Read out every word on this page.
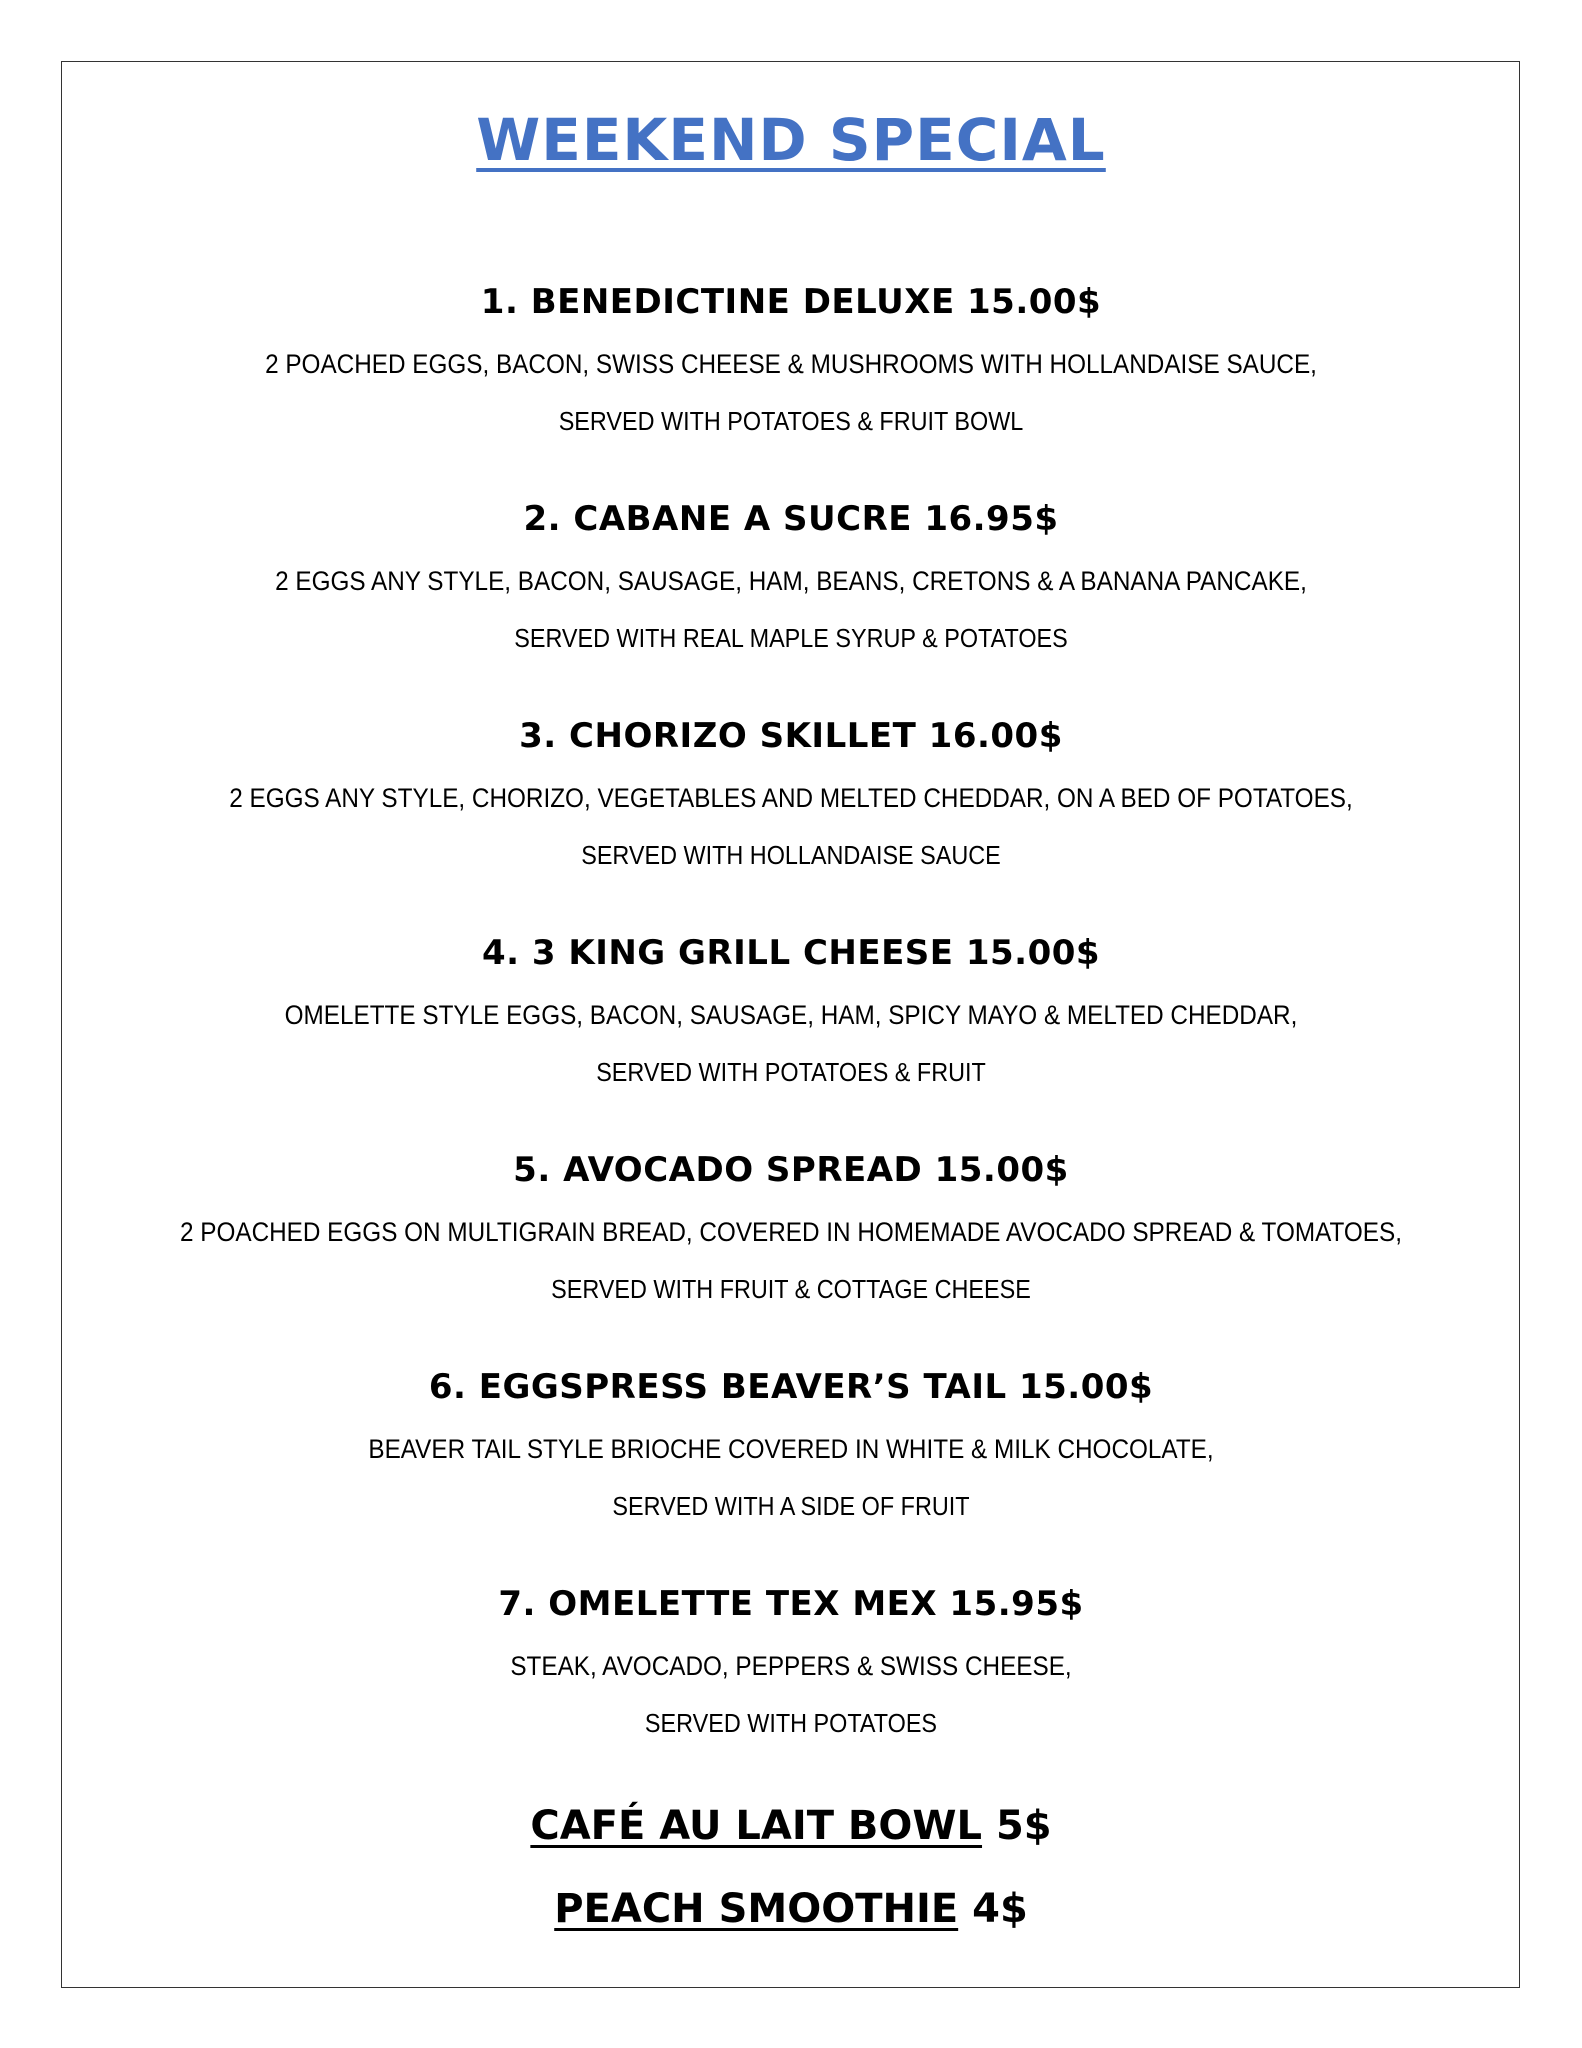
WEEKEND SPECIAL
1. BENEDICTINE DELUXE 15.00$
2 POACHED EGGS, BACON, SWISS CHEESE & MUSHROOMS WITH HOLLANDAISE SAUCE,
SERVED WITH POTATOES & FRUIT BOWL
2. CABANE A SUCRE 16.95$
2 EGGS ANY STYLE, BACON, SAUSAGE, HAM, BEANS, CRETONS & A BANANA PANCAKE,
SERVED WITH REAL MAPLE SYRUP & POTATOES
3. CHORIZO SKILLET 16.00$
2 EGGS ANY STYLE, CHORIZO, VEGETABLES AND MELTED CHEDDAR, ON A BED OF POTATOES,
SERVED WITH HOLLANDAISE SAUCE
4. 3 KING GRILL CHEESE 15.00$
OMELETTE STYLE EGGS, BACON, SAUSAGE, HAM, SPICY MAYO & MELTED CHEDDAR,
SERVED WITH POTATOES & FRUIT
5. AVOCADO SPREAD 15.00$
2 POACHED EGGS ON MULTIGRAIN BREAD, COVERED IN HOMEMADE AVOCADO SPREAD & TOMATOES,
SERVED WITH FRUIT & COTTAGE CHEESE
6. EGGSPRESS BEAVER’S TAIL 15.00$
BEAVER TAIL STYLE BRIOCHE COVERED IN WHITE & MILK CHOCOLATE,
SERVED WITH A SIDE OF FRUIT
7. OMELETTE TEX MEX 15.95$
STEAK, AVOCADO, PEPPERS & SWISS CHEESE,
SERVED WITH POTATOES
CAFÉ AU LAIT BOWL 5$
PEACH SMOOTHIE 4$
